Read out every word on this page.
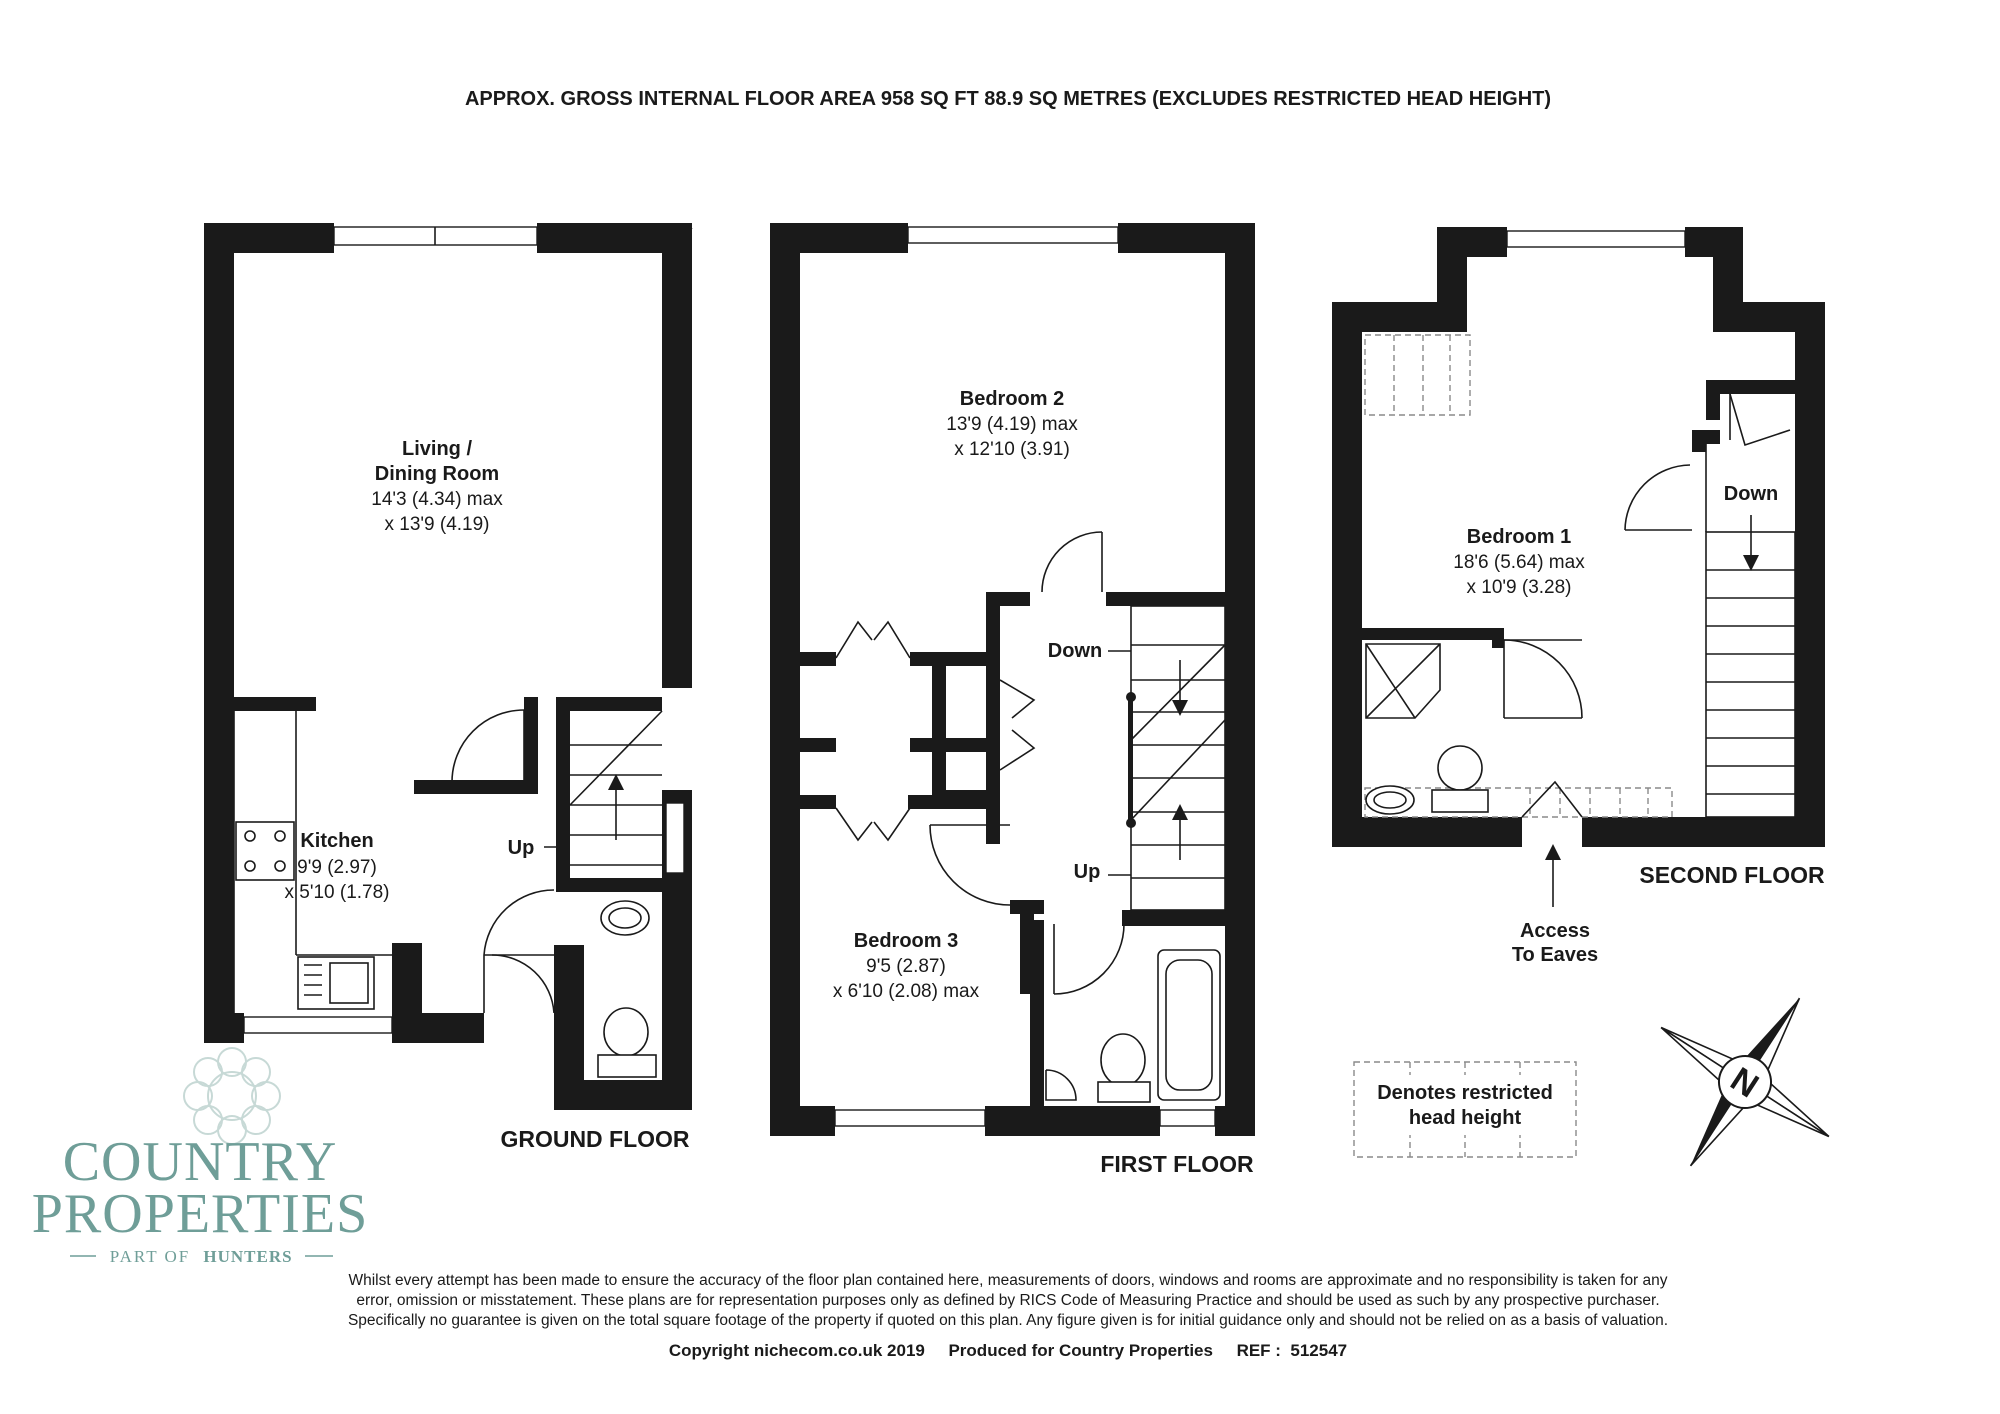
APPROX. GROSS INTERNAL FLOOR AREA 958 SQ FT 88.9 SQ METRES (EXCLUDES RESTRICTED HEAD HEIGHT)
Living /
Dining Room
14'3 (4.34) max
x 13'9 (4.19)
Kitchen
9'9 (2.97)
x 5'10 (1.78)
Up
GROUND FLOOR
Bedroom 2
13'9 (4.19) max
x 12'10 (3.91)
Bedroom 3
9'5 (2.87)
x 6'10 (2.08) max
Down
Up
FIRST FLOOR
Bedroom 1
18'6 (5.64) max
x 10'9 (3.28)
Down
Access
To Eaves
SECOND FLOOR
Denotes restricted
head height
N
COUNTRY
PROPERTIES
PART OF HUNTERS
Whilst every attempt has been made to ensure the accuracy of the floor plan contained here, measurements of doors, windows and rooms are approximate and no responsibility is taken for any
error, omission or misstatement. These plans are for representation purposes only as defined by RICS Code of Measuring Practice and should be used as such by any prospective purchaser.
Specifically no guarantee is given on the total square footage of the property if quoted on this plan. Any figure given is for initial guidance only and should not be relied on as a basis of valuation.
Copyright nichecom.co.uk 2019     Produced for Country Properties     REF :  512547
